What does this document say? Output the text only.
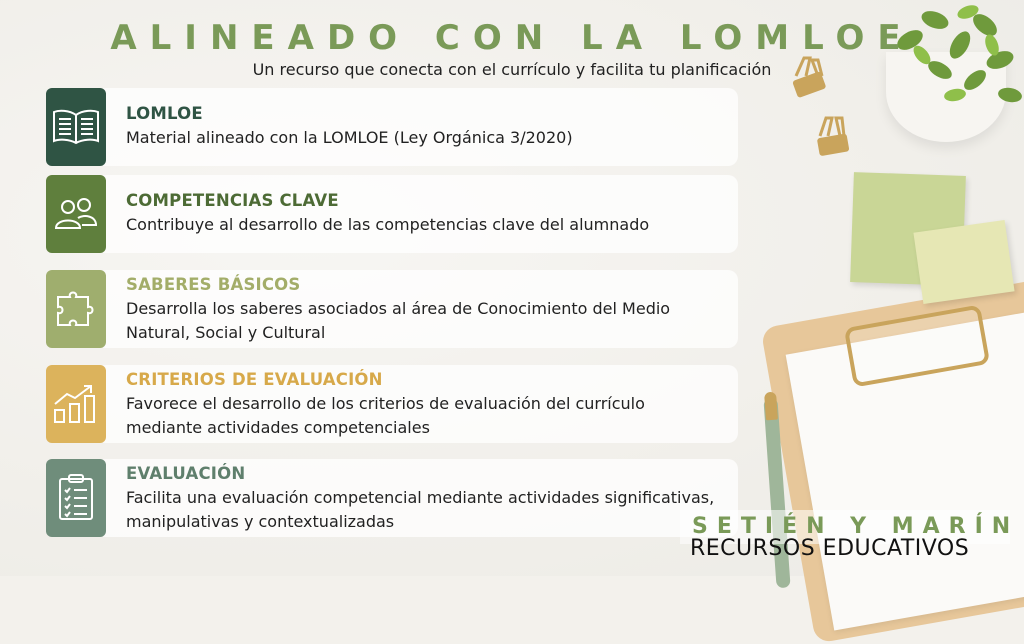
ALINEADO CON LA LOMLOE
Un recurso que conecta con el currículo y facilita tu planificación
LOMLOE
Material alineado con la LOMLOE (Ley Orgánica 3/2020)
COMPETENCIAS CLAVE
Contribuye al desarrollo de las competencias clave del alumnado
SABERES BÁSICOS
Desarrolla los saberes asociados al área de Conocimiento del Medio Natural, Social y Cultural
CRITERIOS DE EVALUACIÓN
Favorece el desarrollo de los criterios de evaluación del currículo mediante actividades competenciales
EVALUACIÓN
Facilita una evaluación competencial mediante actividades significativas, manipulativas y contextualizadas	SETIÉN Y MARÍN
RECURSOS EDUCATIVOS
